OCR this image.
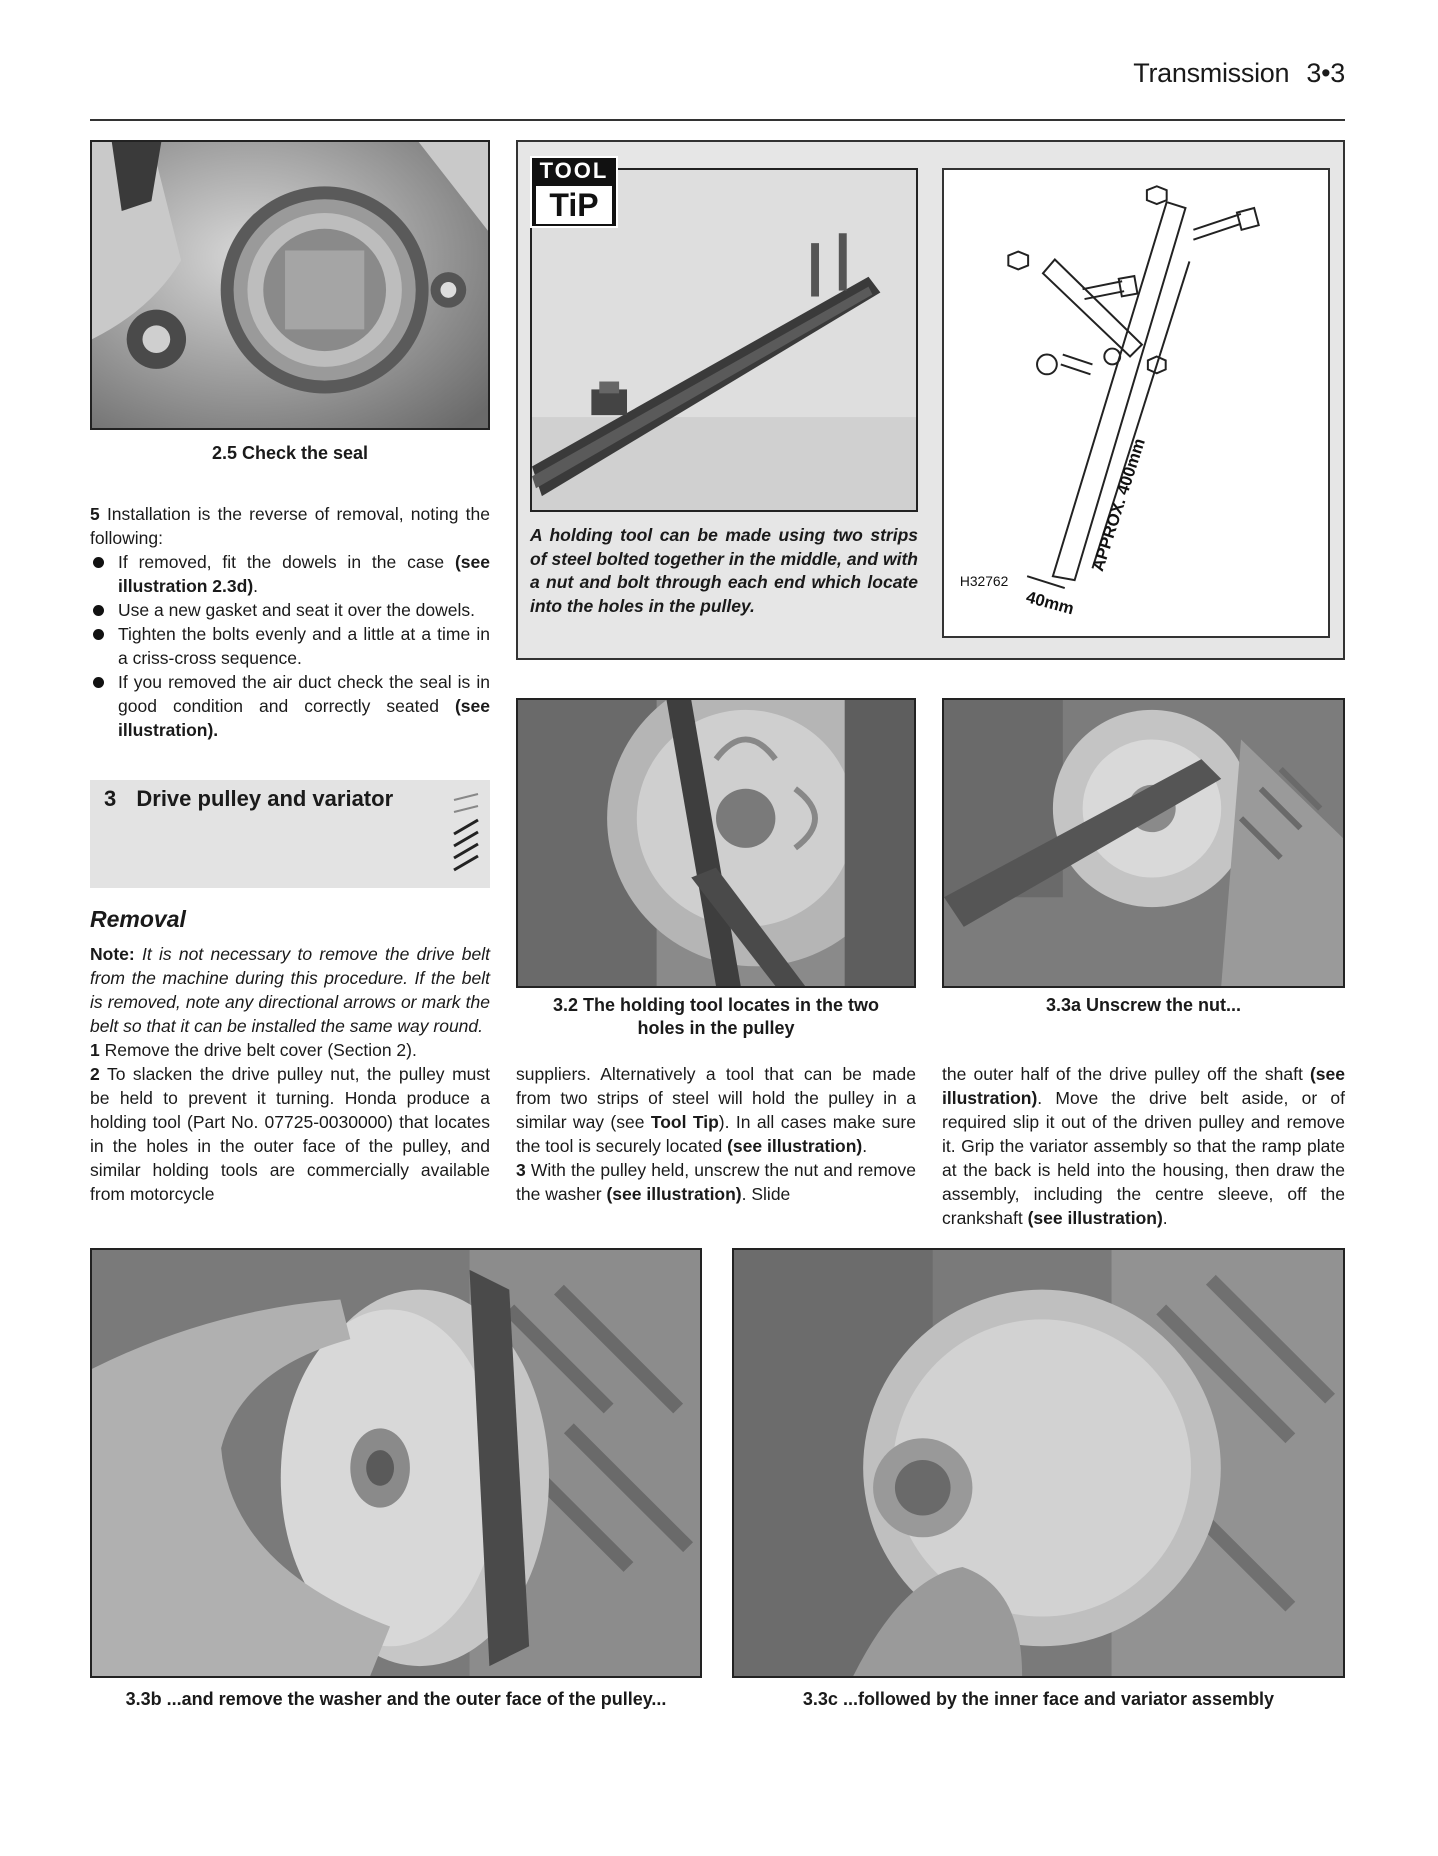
Transmission 3•3
2.5 Check the seal

5 Installation is the reverse of removal, noting the following:

If removed, fit the dowels in the case (see illustration 2.3d).

Use a new gasket and seat it over the dowels.

Tighten the bolts evenly and a little at a time in a criss-cross sequence.

If you removed the air duct check the seal is in good condition and correctly seated (see illustration).

3 Drive pulley and variator
Removal

Note: It is not necessary to remove the drive belt from the machine during this procedure. If the belt is removed, note any directional arrows or mark the belt so that it can be installed the same way round.

1 Remove the drive belt cover (Section 2).

2 To slacken the drive pulley nut, the pulley must be held to prevent it turning. Honda produce a holding tool (Part No. 07725-0030000) that locates in the holes in the outer face of the pulley, and similar holding tools are commercially available from motorcycle

TOOL
TiP
A holding tool can be made using two strips of steel bolted together in the middle, and with a nut and bolt through each end which locate into the holes in the pulley.
H32762
40mm
APPROX. 400mm
3.2 The holding tool locates in the two
holes in the pulley
3.3a Unscrew the nut...

suppliers. Alternatively a tool that can be made from two strips of steel will hold the pulley in a similar way (see Tool Tip). In all cases make sure the tool is securely located (see illustration).

3 With the pulley held, unscrew the nut and remove the washer (see illustration). Slide

the outer half of the drive pulley off the shaft (see illustration). Move the drive belt aside, or of required slip it out of the driven pulley and remove it. Grip the variator assembly so that the ramp plate at the back is held into the housing, then draw the assembly, including the centre sleeve, off the crankshaft (see illustration).

3.3b ...and remove the washer and the outer face of the pulley...	3.3c ...followed by the inner face and variator assembly
